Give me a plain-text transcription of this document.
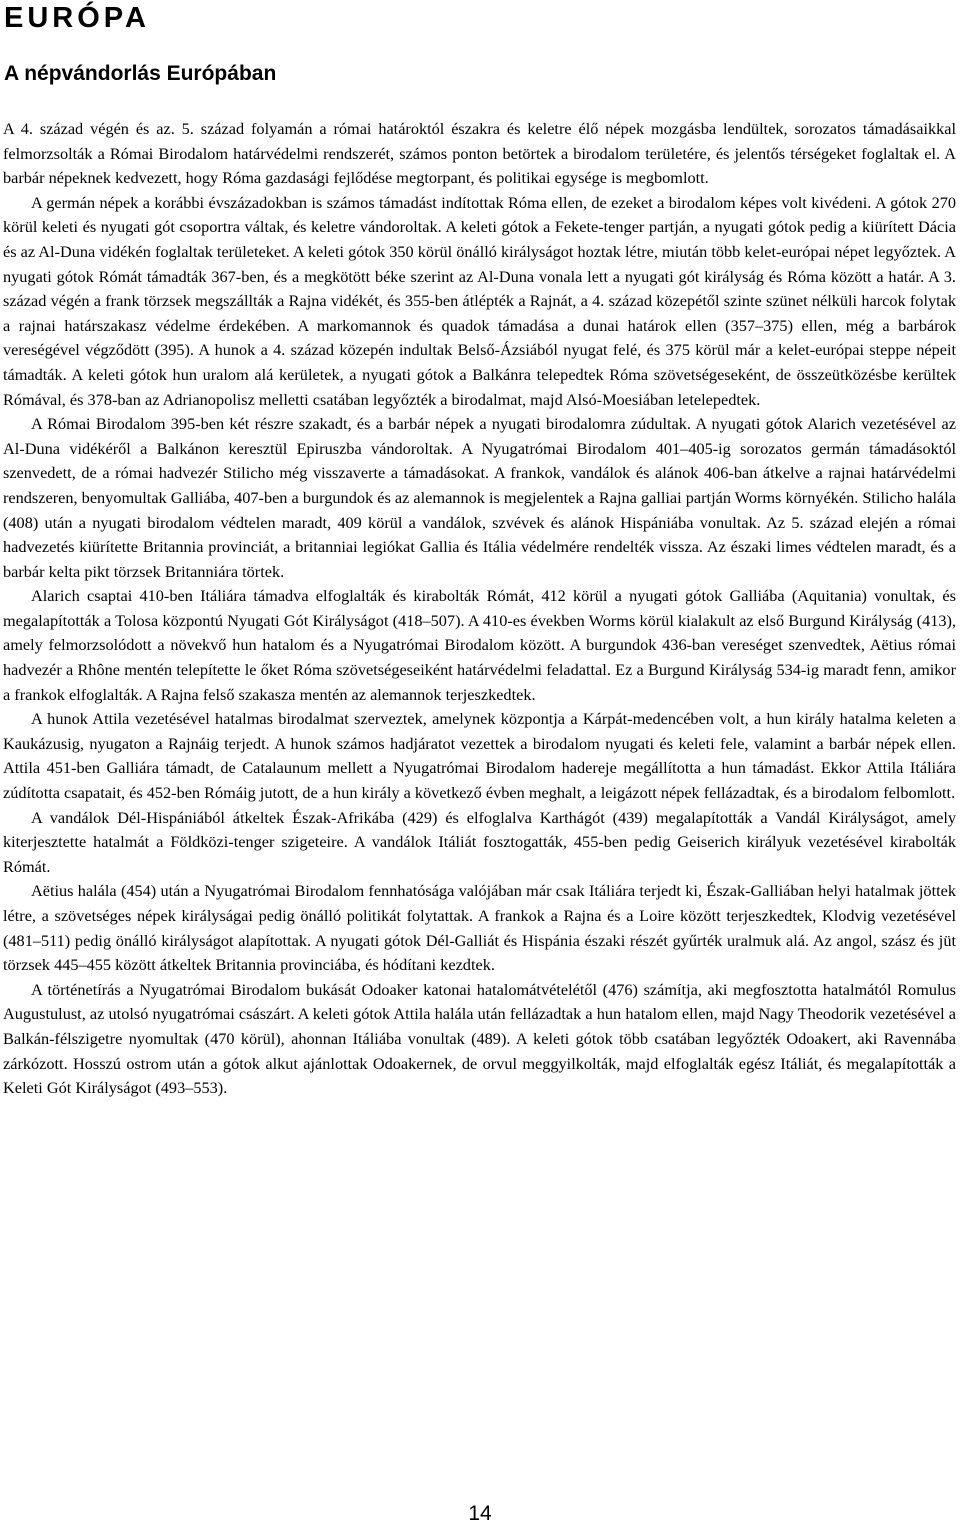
EURÓPA
A népvándorlás Európában

A 4. század végén és az. 5. század folyamán a római határoktól északra és keletre élő népek mozgásba lendültek, sorozatos támadásaikkal felmorzsolták a Római Birodalom határvédelmi rendszerét, számos ponton betörtek a birodalom területére, és jelentős térségeket foglaltak el. A barbár népeknek kedvezett, hogy Róma gazdasági fejlődése megtorpant, és politikai egysége is megbomlott.

A germán népek a korábbi évszázadokban is számos támadást indítottak Róma ellen, de ezeket a birodalom képes volt kivédeni. A gótok 270 körül keleti és nyugati gót csoportra váltak, és keletre vándoroltak. A keleti gótok a Fekete-tenger partján, a nyugati gótok pedig a kiürített Dácia és az Al-Duna vidékén foglaltak területeket. A keleti gótok 350 körül önálló királyságot hoztak létre, miután több kelet-európai népet legyőztek. A nyugati gótok Rómát támadták 367-ben, és a megkötött béke szerint az Al-Duna vonala lett a nyugati gót királyság és Róma között a határ. A 3. század végén a frank törzsek megszállták a Rajna vidékét, és 355-ben átlépték a Rajnát, a 4. század közepétől szinte szünet nélküli harcok folytak a rajnai határszakasz védelme érdekében. A markomannok és quadok támadása a dunai határok ellen (357–375) ellen, még a barbárok vereségével végződött (395). A hunok a 4. század közepén indultak Belső-Ázsiából nyugat felé, és 375 körül már a kelet-európai steppe népeit támadták. A keleti gótok hun uralom alá kerületek, a nyugati gótok a Balkánra telepedtek Róma szövetségeseként, de összeütközésbe kerültek Rómával, és 378-ban az Adrianopolisz melletti csatában legyőzték a birodalmat, majd Alsó-Moesiában letelepedtek.

A Római Birodalom 395-ben két részre szakadt, és a barbár népek a nyugati birodalomra zúdultak. A nyugati gótok Alarich vezetésével az Al-Duna vidékéről a Balkánon keresztül Epiruszba vándoroltak. A Nyugatrómai Birodalom 401–405-ig sorozatos germán támadásoktól szenvedett, de a római hadvezér Stilicho még visszaverte a támadásokat. A frankok, vandálok és alánok 406-ban átkelve a rajnai határvédelmi rendszeren, benyomultak Galliába, 407-ben a burgundok és az alemannok is megjelentek a Rajna galliai partján Worms környékén. Stilicho halála (408) után a nyugati birodalom védtelen maradt, 409 körül a vandálok, szvévek és alánok Hispániába vonultak. Az 5. század elején a római hadvezetés kiürítette Britannia provinciát, a britanniai legiókat Gallia és Itália védelmére rendelték vissza. Az északi limes védtelen maradt, és a barbár kelta pikt törzsek Britanniára törtek.

Alarich csaptai 410-ben Itáliára támadva elfoglalták és kirabolták Rómát, 412 körül a nyugati gótok Galliába (Aquitania) vonultak, és megalapították a Tolosa központú Nyugati Gót Királyságot (418–507). A 410-es években Worms körül kialakult az első Burgund Királyság (413), amely felmorzsolódott a növekvő hun hatalom és a Nyugatrómai Birodalom között. A burgundok 436-ban vereséget szenvedtek, Aëtius római hadvezér a Rhône mentén telepítette le őket Róma szövetségeseiként határvédelmi feladattal. Ez a Burgund Királyság 534-ig maradt fenn, amikor a frankok elfoglalták. A Rajna felső szakasza mentén az alemannok terjeszkedtek.

A hunok Attila vezetésével hatalmas birodalmat szerveztek, amelynek központja a Kárpát-medencében volt, a hun király hatalma keleten a Kaukázusig, nyugaton a Rajnáig terjedt. A hunok számos hadjáratot vezettek a birodalom nyugati és keleti fele, valamint a barbár népek ellen. Attila 451-ben Galliára támadt, de Catalaunum mellett a Nyugatrómai Birodalom hadereje megállította a hun támadást. Ekkor Attila Itáliára zúdította csapatait, és 452-ben Rómáig jutott, de a hun király a következő évben meghalt, a leigázott népek fellázadtak, és a birodalom felbomlott.

A vandálok Dél-Hispániából átkeltek Észak-Afrikába (429) és elfoglalva Karthágót (439) megalapították a Vandál Királyságot, amely kiterjesztette hatalmát a Földközi-tenger szigeteire. A vandálok Itáliát fosztogatták, 455-ben pedig Geiserich királyuk vezetésével kirabolták Rómát.

Aëtius halála (454) után a Nyugatrómai Birodalom fennhatósága valójában már csak Itáliára terjedt ki, Észak-Galliában helyi hatalmak jöttek létre, a szövetséges népek királyságai pedig önálló politikát folytattak. A frankok a Rajna és a Loire között terjeszkedtek, Klodvig vezetésével (481–511) pedig önálló királyságot alapítottak. A nyugati gótok Dél-Galliát és Hispánia északi részét gyűrték uralmuk alá. Az angol, szász és jüt törzsek 445–455 között átkeltek Britannia provinciába, és hódítani kezdtek.

A történetírás a Nyugatrómai Birodalom bukását Odoaker katonai hatalomátvételétől (476) számítja, aki megfosztotta hatalmától Romulus Augustulust, az utolsó nyugatrómai császárt. A keleti gótok Attila halála után fellázadtak a hun hatalom ellen, majd Nagy Theodorik vezetésével a Balkán-félszigetre nyomultak (470 körül), ahonnan Itáliába vonultak (489). A keleti gótok több csatában legyőzték Odoakert, aki Ravennába zárkózott. Hosszú ostrom után a gótok alkut ajánlottak Odoakernek, de orvul meggyilkolták, majd elfoglalták egész Itáliát, és megalapították a Keleti Gót Királyságot (493–553).

14
